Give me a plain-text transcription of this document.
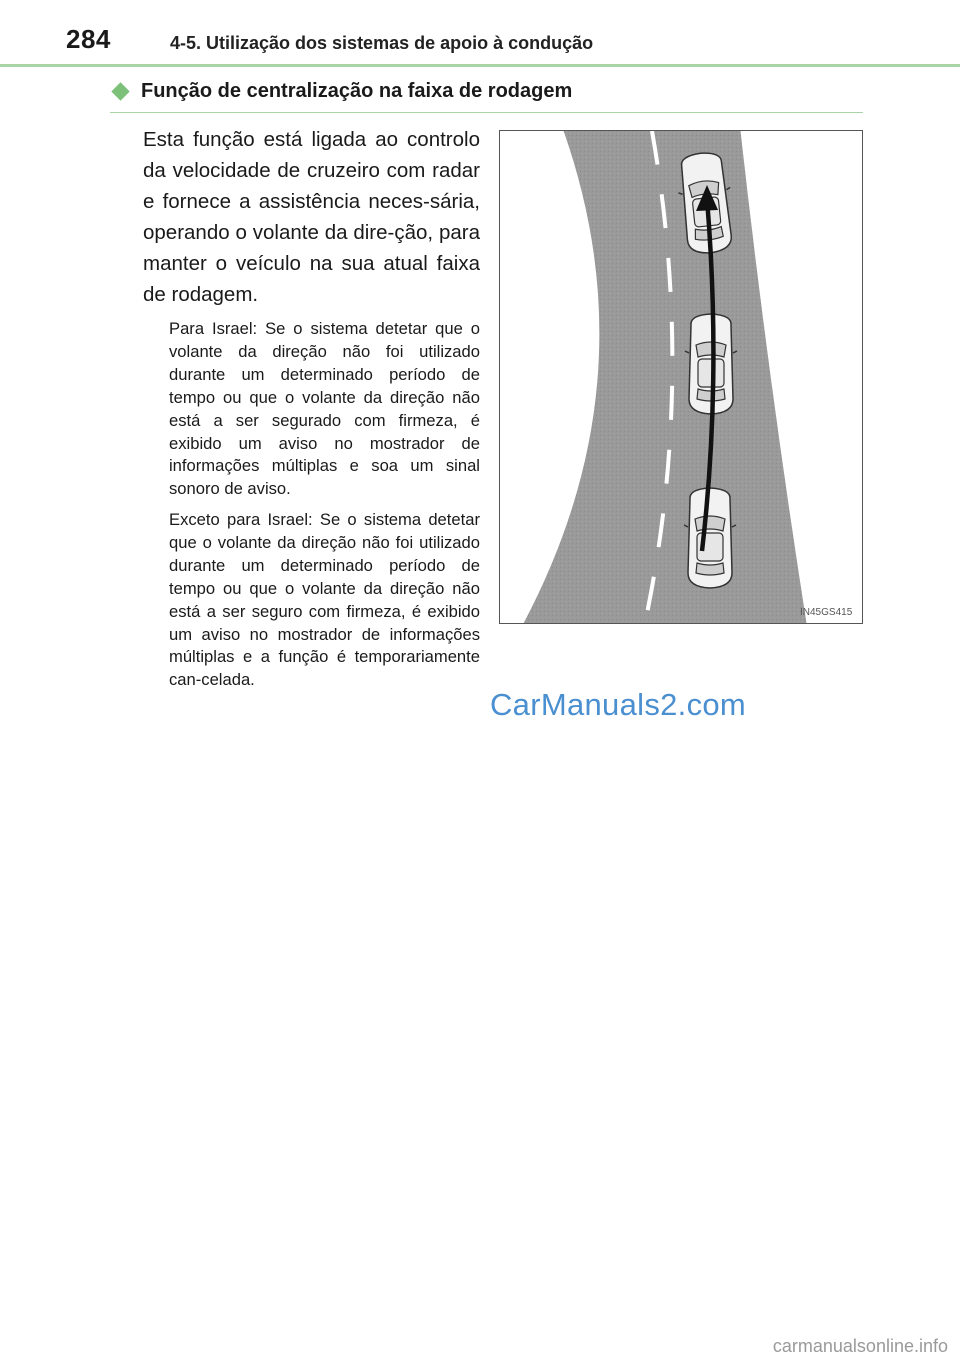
284	4-5. Utilização dos sistemas de apoio à condução
Função de centralização na faixa de rodagem

Esta função está ligada ao controlo da velocidade de cruzeiro com radar e fornece a assistência neces-sária, operando o volante da dire-ção, para manter o veículo na sua atual faixa de rodagem.

Para Israel: Se o sistema detetar que o volante da direção não foi utilizado durante um determinado período de tempo ou que o volante da direção não está a ser segurado com firmeza, é exibido um aviso no mostrador de informações múltiplas e soa um sinal sonoro de aviso.

Exceto para Israel: Se o sistema detetar que o volante da direção não foi utilizado durante um determinado período de tempo ou que o volante da direção não está a ser seguro com firmeza, é exibido um aviso no mostrador de informações múltiplas e a função é temporariamente can-celada.

IN45GS415
CarManuals2.com
carmanualsonline.info
